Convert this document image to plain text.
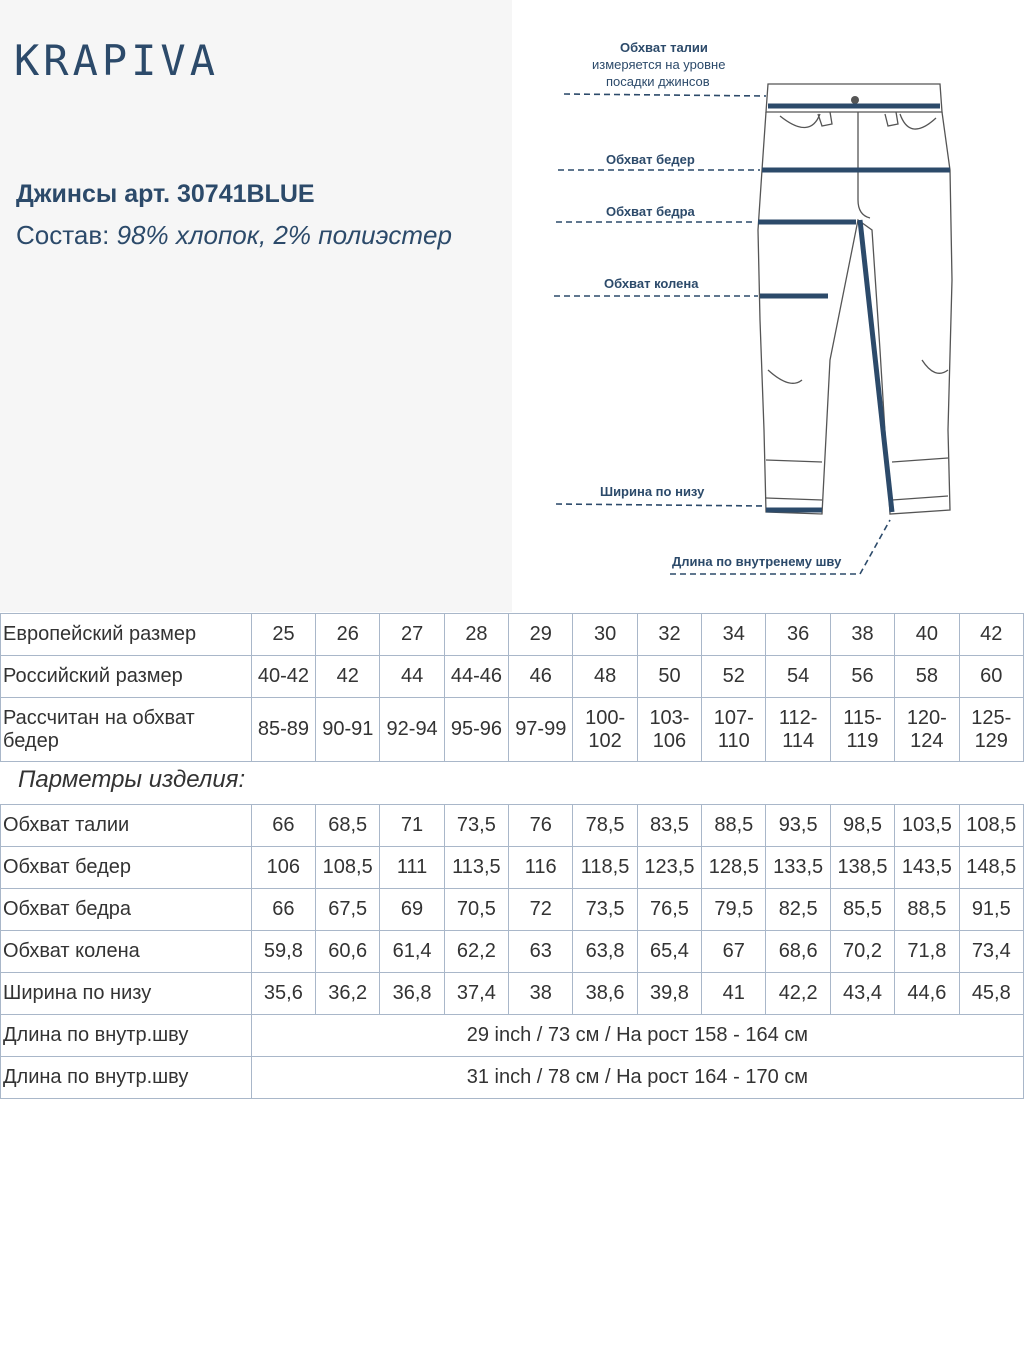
KRAPIVA
Джинсы арт. 30741BLUE
Состав: 98% хлопок, 2% полиэстер
Обхват талии
измеряется на уровне
посадки джинсов
Обхват бедер
Обхват бедра
Обхват колена
Ширина по низу
Длина по внутренему шву
Европейский размер	25	26	27	28	29	30	32	34	36	38	40	42
Российский размер	40-42	42	44	44-46	46	48	50	52	54	56	58	60
Рассчитан на обхват бедер	85-89	90-91	92-94	95-96	97-99	100-102	103-106	107-110	112-114	115-119	120-124	125-129
Парметры изделия:
Обхват талии	66	68,5	71	73,5	76	78,5	83,5	88,5	93,5	98,5	103,5	108,5
Обхват бедер	106	108,5	111	113,5	116	118,5	123,5	128,5	133,5	138,5	143,5	148,5
Обхват бедра	66	67,5	69	70,5	72	73,5	76,5	79,5	82,5	85,5	88,5	91,5
Обхват колена	59,8	60,6	61,4	62,2	63	63,8	65,4	67	68,6	70,2	71,8	73,4
Ширина по низу	35,6	36,2	36,8	37,4	38	38,6	39,8	41	42,2	43,4	44,6	45,8
Длина по внутр.шву	29 inch / 73 см / На рост 158 - 164 см											
Длина по внутр.шву	31 inch / 78 см / На рост 164 - 170 см											
